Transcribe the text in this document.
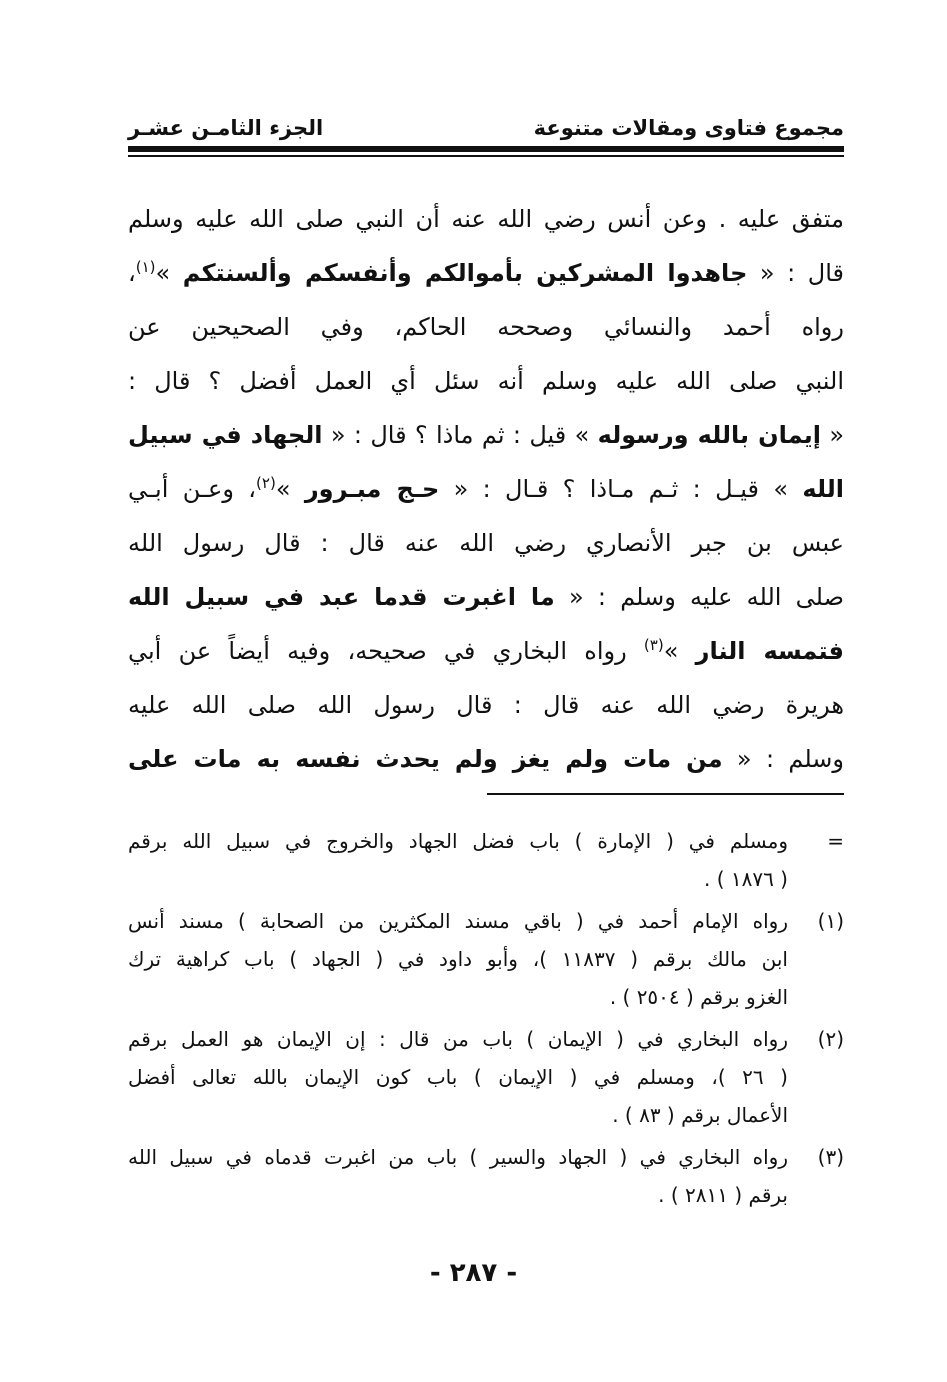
مجموع فتاوى ومقالات متنوعة
الجزء الثامـن عشـر
متفق عليه . وعن أنس رضي الله عنه أن النبي صلى الله عليه وسلم
قال : « جاهدوا المشركين بأموالكم وأنفسكم وألسنتكم »$^{(١)}$،
رواه أحمد والنسائي وصححه الحاكم، وفي الصحيحين عن
النبي صلى الله عليه وسلم أنه سئل أي العمل أفضل ؟ قال :
« إيمان بالله ورسوله » قيل : ثم ماذا ؟ قال : « الجهاد في سبيل
الله » قيـل : ثـم مـاذا ؟ قـال : « حـج مبـرور »$^{(٢)}$، وعـن أبـي
عبس بن جبر الأنصاري رضي الله عنه قال : قال رسول الله
صلى الله عليه وسلم : « ما اغبرت قدما عبد في سبيل الله
فتمسه النار »$^{(٣)}$ رواه البخاري في صحيحه، وفيه أيضاً عن أبي
هريرة رضي الله عنه قال : قال رسول الله صلى الله عليه
وسلم : « من مات ولم يغز ولم يحدث نفسه به مات على
=
ومسلم في ( الإمارة ) باب فضل الجهاد والخروج في سبيل الله برقم
( ١٨٧٦ ) .
(١)
رواه الإمام أحمد في ( باقي مسند المكثرين من الصحابة ) مسند أنس
ابن مالك برقم ( ١١٨٣٧ )، وأبو داود في ( الجهاد ) باب كراهية ترك
الغزو برقم ( ٢٥٠٤ ) .
(٢)
رواه البخاري في ( الإيمان ) باب من قال : إن الإيمان هو العمل برقم
( ٢٦ )، ومسلم في ( الإيمان ) باب كون الإيمان بالله تعالى أفضل
الأعمال برقم ( ٨٣ ) .
(٣)
رواه البخاري في ( الجهاد والسير ) باب من اغبرت قدماه في سبيل الله
برقم ( ٢٨١١ ) .
- ٢٨٧ -
